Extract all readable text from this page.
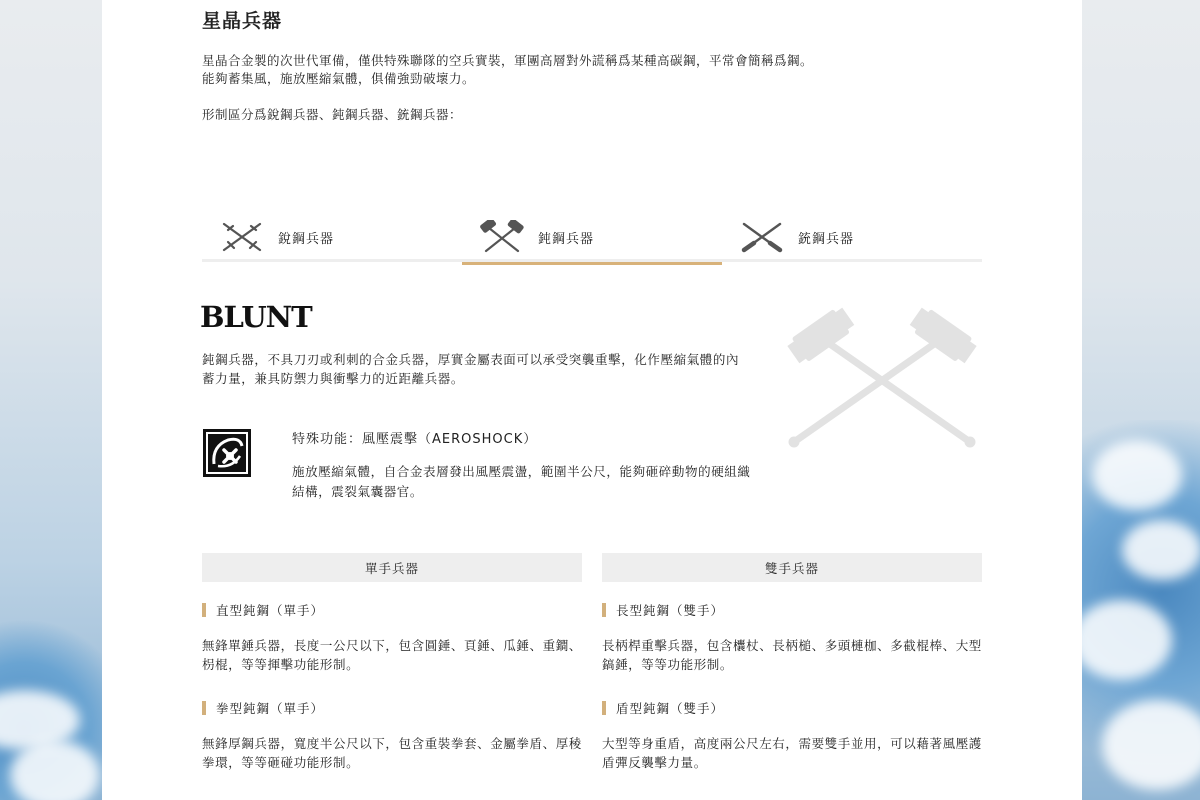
星晶兵器

星晶合金製的次世代軍備，僅供特殊聯隊的空兵實裝，軍團高層對外謊稱爲某種高碳鋼，平常會簡稱爲鋼。

能夠蓄集風，施放壓縮氣體，俱備強勁破壞力。

形制區分爲銳鋼兵器、鈍鋼兵器、銃鋼兵器：

銳鋼兵器	鈍鋼兵器	銃鋼兵器
BLUNT

鈍鋼兵器，不具刀刃或利刺的合金兵器，厚實金屬表面可以承受突襲重擊，化作壓縮氣體的內蓄力量，兼具防禦力與衝擊力的近距離兵器。

特殊功能：風壓震擊（AEROSHOCK）

施放壓縮氣體，自合金表層發出風壓震盪，範圍半公尺，能夠砸碎動物的硬組織結構，震裂氣囊器官。

單手兵器
直型鈍鋼（單手）

無鋒單錘兵器，長度一公尺以下，包含圓錘、頁錘、瓜錘、重鐧、枴棍，等等揮擊功能形制。

拳型鈍鋼（單手）

無鋒厚鋼兵器，寬度半公尺以下，包含重裝拳套、金屬拳盾、厚稜拳環，等等砸碰功能形制。

雙手兵器
長型鈍鋼（雙手）

長柄桿重擊兵器，包含欜杖、長柄槌、多頭槤枷、多截棍棒、大型鎬錘，等等功能形制。

盾型鈍鋼（雙手）

大型等身重盾，高度兩公尺左右，需要雙手並用，可以藉著風壓護盾彈反襲擊力量。
